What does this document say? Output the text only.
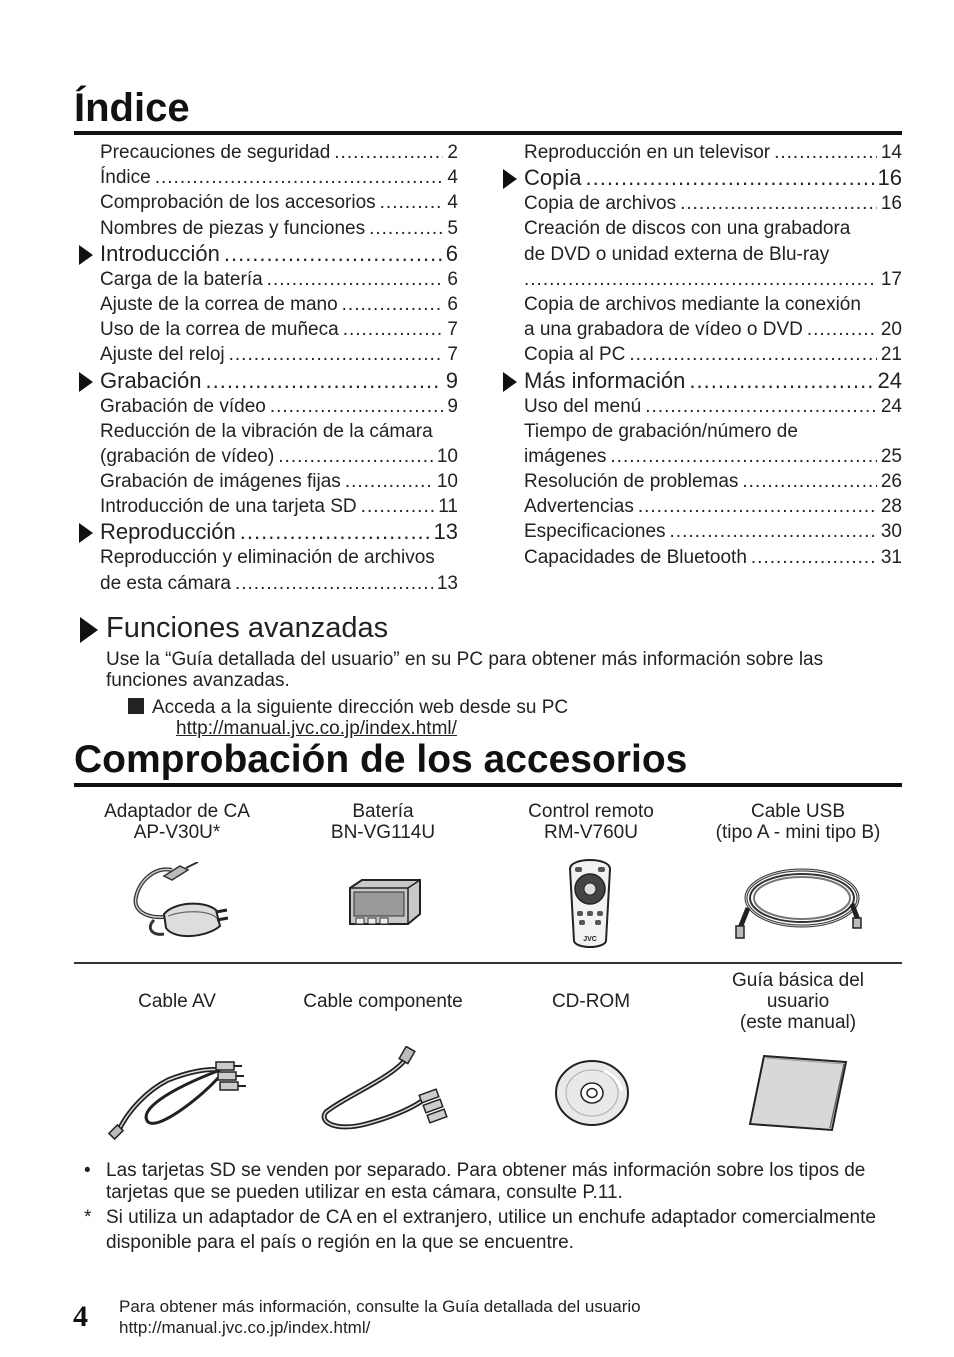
Índice
Precauciones de seguridad .....	2
Índice .....	4
Comprobación de los accesorios .....	4
Nombres de piezas y funciones .....	5
Introducción .....	6
Carga de la batería .....	6
Ajuste de la correa de mano .....	6
Uso de la correa de muñeca .....	7
Ajuste del reloj .....	7
Grabación .....	9
Grabación de vídeo .....	9
Reducción de la vibración de la cámara
(grabación de vídeo) .....	10
Grabación de imágenes fijas .....	10
Introducción de una tarjeta SD .....	11
Reproducción .....	13
Reproducción y eliminación de archivos
de esta cámara .....	13
Reproducción en un televisor .....	14
Copia .....	16
Copia de archivos .....	16
Creación de discos con una grabadora
de DVD o unidad externa de Blu-ray
.....
17
Copia de archivos mediante la conexión
a una grabadora de vídeo o DVD .....	20
Copia al PC .....	21
Más información .....	24
Uso del menú .....	24
Tiempo de grabación/número de
imágenes .....	25
Resolución de problemas .....	26
Advertencias .....	28
Especificaciones .....	30
Capacidades de Bluetooth .....	31
Funciones avanzadas
Use la “Guía detallada del usuario” en su PC para obtener más información sobre las funciones avanzadas.
Acceda a la siguiente dirección web desde su PC
http://manual.jvc.co.jp/index.html/
Comprobación de los accesorios
Adaptador de CA
AP-V30U*
Batería
BN-VG114U
Control remoto
RM-V760U
Cable USB
(tipo A - mini tipo B)
JVC
Cable AV	Cable componente	CD-ROM
Guía básica del
usuario
(este manual)
• Las tarjetas SD se venden por separado. Para obtener más información sobre los tipos de tarjetas que se pueden utilizar en esta cámara, consulte P.11.
* Si utiliza un adaptador de CA en el extranjero, utilice un enchufe adaptador comercialmente disponible para el país o región en la que se encuentre.
4 Para obtener más información, consulte la Guía detallada del usuario
http://manual.jvc.co.jp/index.html/
